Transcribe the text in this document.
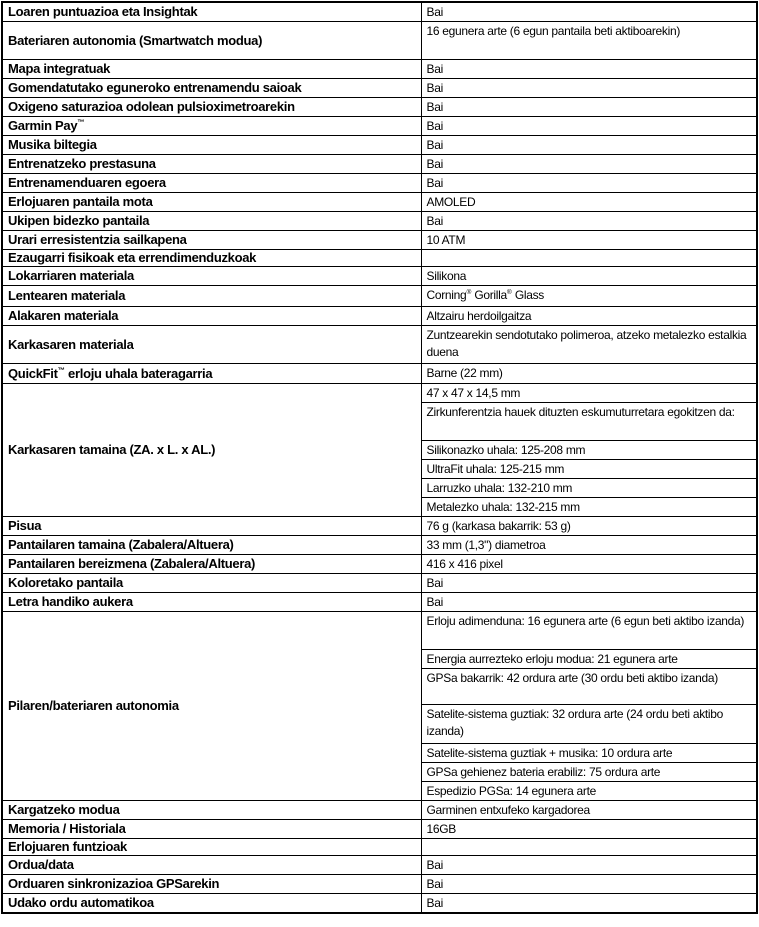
Loaren puntuazioa eta Insightak	Bai
Bateriaren autonomia (Smartwatch modua)	16 egunera arte (6 egun pantaila beti aktiboarekin)
Mapa integratuak	Bai
Gomendatutako eguneroko entrenamendu saioak	Bai
Oxigeno saturazioa odolean pulsioximetroarekin	Bai
Garmin Pay™	Bai
Musika biltegia	Bai
Entrenatzeko prestasuna	Bai
Entrenamenduaren egoera	Bai
Erlojuaren pantaila mota	AMOLED
Ukipen bidezko pantaila	Bai
Urari erresistentzia sailkapena	10 ATM
Ezaugarri fisikoak eta errendimenduzkoak	
Lokarriaren materiala	Silikona
Lentearen materiala	Corning® Gorilla® Glass
Alakaren materiala	Altzairu herdoilgaitza
Karkasaren materiala	Zuntzearekin sendotutako polimeroa, atzeko metalezko estalkia duena
QuickFit™ erloju uhala bateragarria	Barne (22 mm)
Karkasaren tamaina (ZA. x L. x AL.)	47 x 47 x 14,5 mm
	Zirkunferentzia hauek dituzten eskumuturretara egokitzen da:
	Silikonazko uhala: 125-208 mm
	UltraFit uhala: 125-215 mm
	Larruzko uhala: 132-210 mm
	Metalezko uhala: 132-215 mm
Pisua	76 g (karkasa bakarrik: 53 g)
Pantailaren tamaina (Zabalera/Altuera)	33 mm (1,3") diametroa
Pantailaren bereizmena (Zabalera/Altuera)	416 x 416 pixel
Koloretako pantaila	Bai
Letra handiko aukera	Bai
Pilaren/bateriaren autonomia	Erloju adimenduna: 16 egunera arte (6 egun beti aktibo izanda)
	Energia aurrezteko erloju modua: 21 egunera arte
	GPSa bakarrik: 42 ordura arte (30 ordu beti aktibo izanda)
	Satelite-sistema guztiak: 32 ordura arte (24 ordu beti aktibo izanda)
	Satelite-sistema guztiak + musika: 10 ordura arte
	GPSa gehienez bateria erabiliz: 75 ordura arte
	Espedizio PGSa: 14 egunera arte
Kargatzeko modua	Garminen entxufeko kargadorea
Memoria / Historiala	16GB
Erlojuaren funtzioak	
Ordua/data	Bai
Orduaren sinkronizazioa GPSarekin	Bai
Udako ordu automatikoa	Bai
